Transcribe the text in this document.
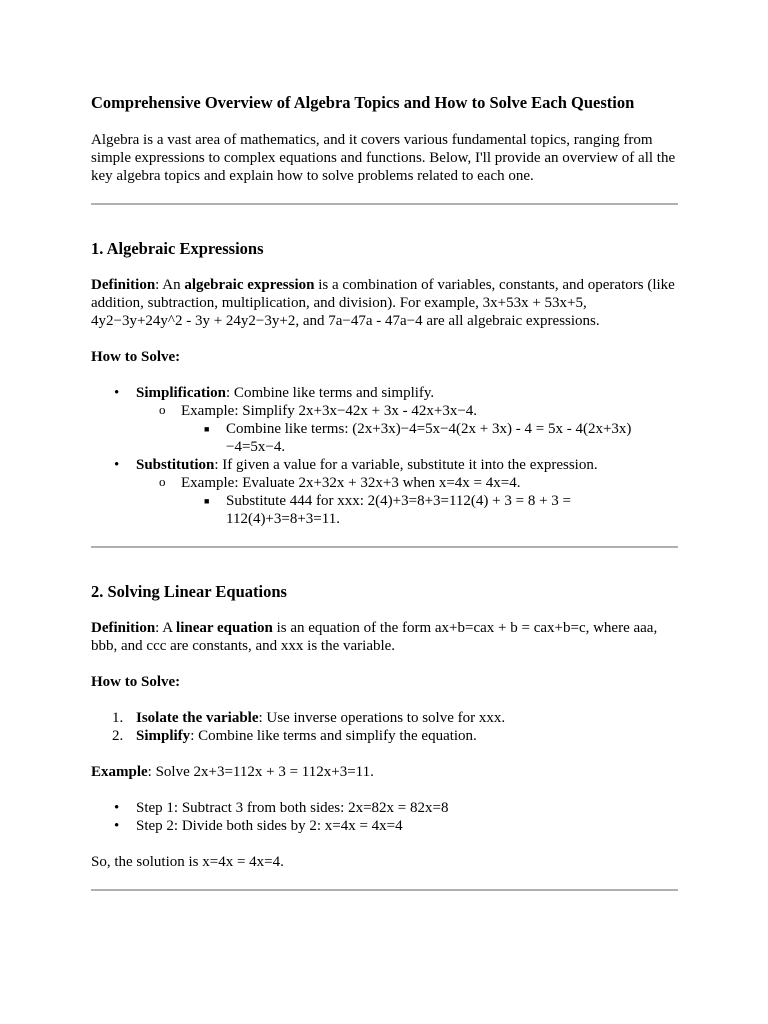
Comprehensive Overview of Algebra Topics and How to Solve Each Question

Algebra is a vast area of mathematics, and it covers various fundamental topics, ranging from simple expressions to complex equations and functions. Below, I'll provide an overview of all the key algebra topics and explain how to solve problems related to each one.

1. Algebraic Expressions

Definition: An algebraic expression is a combination of variables, constants, and operators (like addition, subtraction, multiplication, and division). For example, 3x+53x + 53x+5, 4y2−3y+24y^2 - 3y + 24y2−3y+2, and 7a−47a - 47a−4 are all algebraic expressions.

How to Solve:

• Simplification: Combine like terms and simplify.
o Example: Simplify 2x+3x−42x + 3x - 42x+3x−4.
■ Combine like terms: (2x+3x)−4=5x−4(2x + 3x) - 4 = 5x - 4(2x+3x)−4=5x−4.
• Substitution: If given a value for a variable, substitute it into the expression.
o Example: Evaluate 2x+32x + 32x+3 when x=4x = 4x=4.
■ Substitute 444 for xxx: 2(4)+3=8+3=112(4) + 3 = 8 + 3 = 112(4)+3=8+3=11.
2. Solving Linear Equations

Definition: A linear equation is an equation of the form ax+b=cax + b = cax+b=c, where aaa, bbb, and ccc are constants, and xxx is the variable.

How to Solve:

1. Isolate the variable: Use inverse operations to solve for xxx.
2. Simplify: Combine like terms and simplify the equation.

Example: Solve 2x+3=112x + 3 = 112x+3=11.

• Step 1: Subtract 3 from both sides: 2x=82x = 82x=8
• Step 2: Divide both sides by 2: x=4x = 4x=4

So, the solution is x=4x = 4x=4.
